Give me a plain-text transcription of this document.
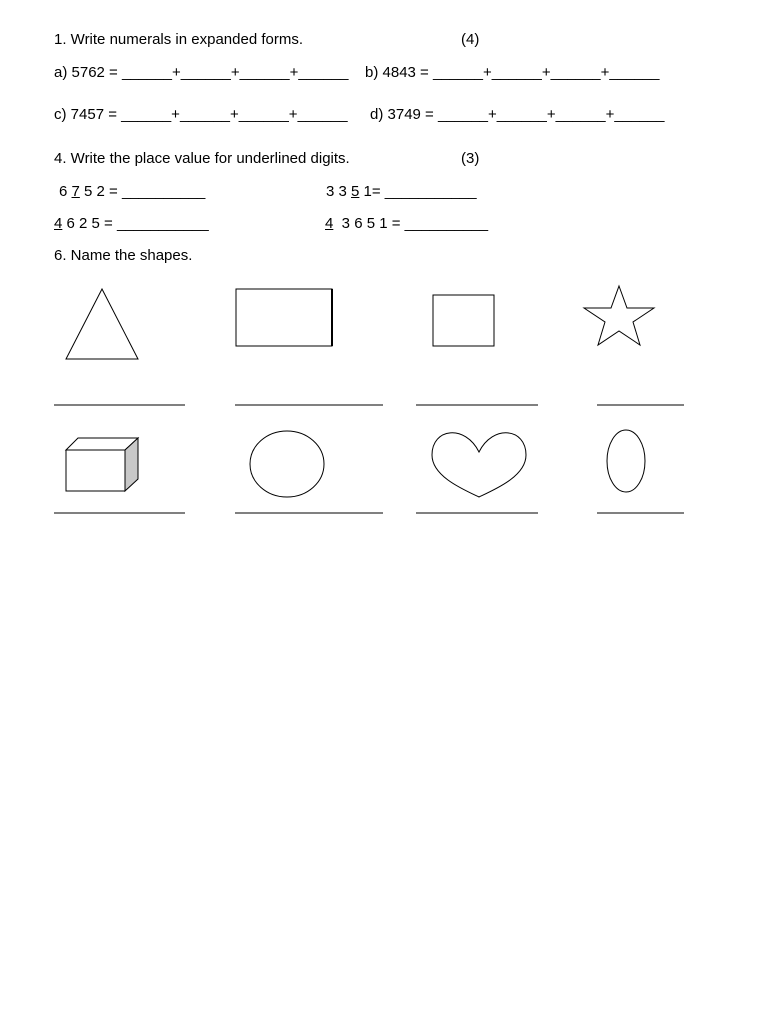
1. Write numerals in expanded forms.	(4)
a) 5762 = ______+______+______+______ b) 4843 = ______+______+______+______
c) 7457 = ______+______+______+______ d) 3749 = ______+______+______+______
4. Write the place value for underlined digits.	(3)
6 7 5 2 = __________	3 3 5 1= ___________
4 6 2 5 = ___________	4  3 6 5 1 = __________
6. Name the shapes.
